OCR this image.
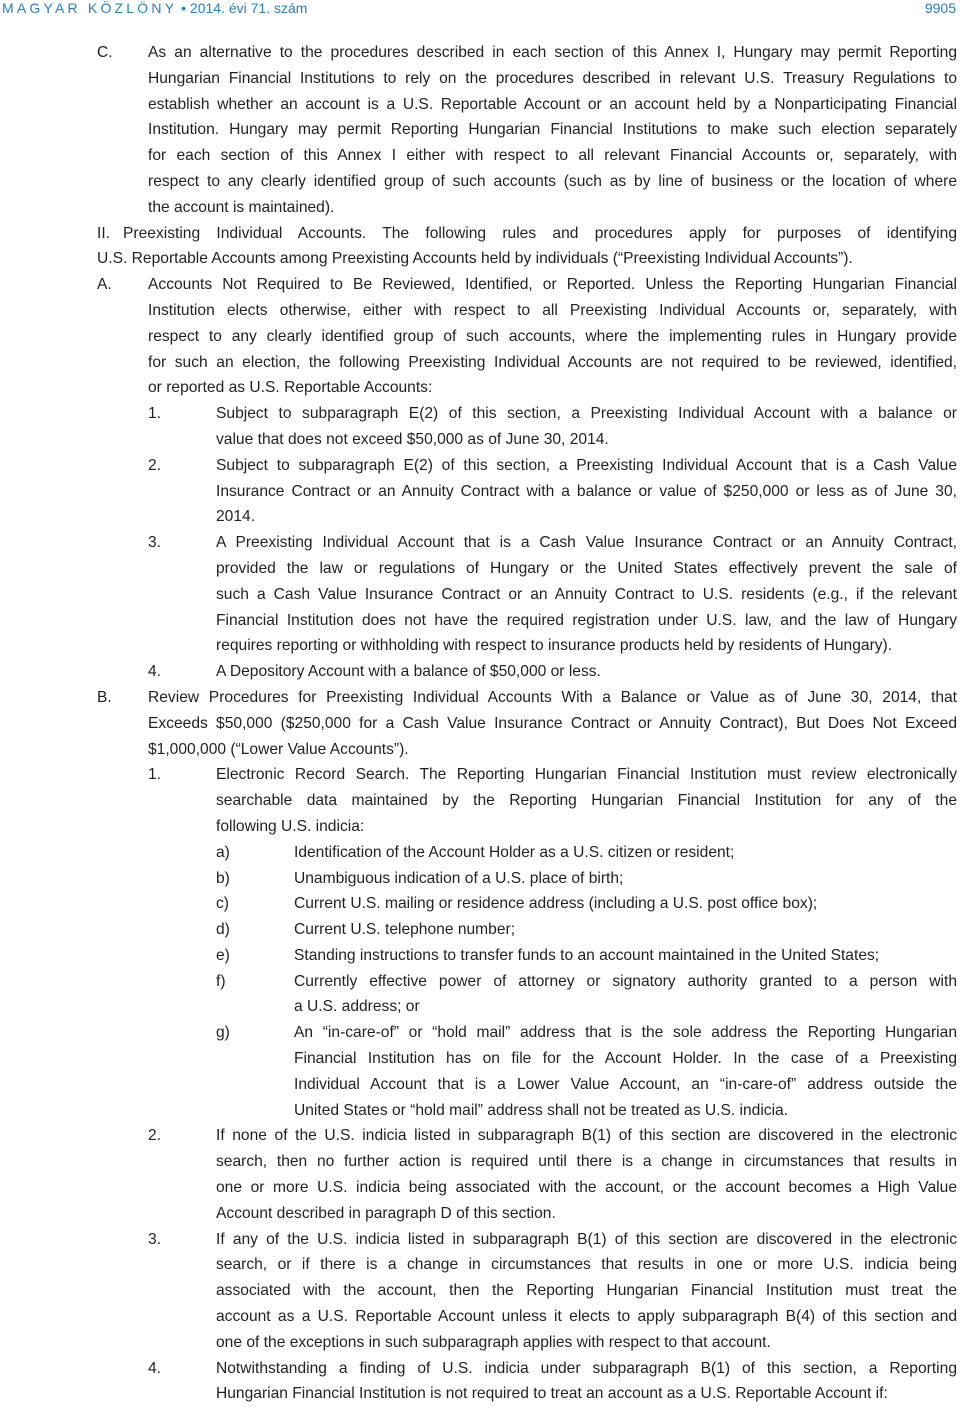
MAGYAR KÖZLÖNY • 2014. évi 71. szám	9905
C. As an alternative to the procedures described in each section of this Annex I, Hungary may permit Reporting
Hungarian Financial Institutions to rely on the procedures described in relevant U.S. Treasury Regulations to
establish whether an account is a U.S. Reportable Account or an account held by a Nonparticipating Financial
Institution. Hungary may permit Reporting Hungarian Financial Institutions to make such election separately
for each section of this Annex I either with respect to all relevant Financial Accounts or, separately, with
respect to any clearly identified group of such accounts (such as by line of business or the location of where
the account is maintained).
II. Preexisting Individual Accounts. The following rules and procedures apply for purposes of identifying
U.S. Reportable Accounts among Preexisting Accounts held by individuals (“Preexisting Individual Accounts”).
A. Accounts Not Required to Be Reviewed, Identified, or Reported. Unless the Reporting Hungarian Financial
Institution elects otherwise, either with respect to all Preexisting Individual Accounts or, separately, with
respect to any clearly identified group of such accounts, where the implementing rules in Hungary provide
for such an election, the following Preexisting Individual Accounts are not required to be reviewed, identified,
or reported as U.S. Reportable Accounts:
1.	Subject to subparagraph E(2) of this section, a Preexisting Individual Account with a balance or
value that does not exceed $50,000 as of June 30, 2014.
2.	Subject to subparagraph E(2) of this section, a Preexisting Individual Account that is a Cash Value
Insurance Contract or an Annuity Contract with a balance or value of $250,000 or less as of June 30,
2014.
3.	A Preexisting Individual Account that is a Cash Value Insurance Contract or an Annuity Contract,
provided the law or regulations of Hungary or the United States effectively prevent the sale of
such a Cash Value Insurance Contract or an Annuity Contract to U.S. residents (e.g., if the relevant
Financial Institution does not have the required registration under U.S. law, and the law of Hungary
requires reporting or withholding with respect to insurance products held by residents of Hungary).
4.	A Depository Account with a balance of $50,000 or less.
B. Review Procedures for Preexisting Individual Accounts With a Balance or Value as of June 30, 2014, that
Exceeds $50,000 ($250,000 for a Cash Value Insurance Contract or Annuity Contract), But Does Not Exceed
$1,000,000 (“Lower Value Accounts”).
1.	Electronic Record Search. The Reporting Hungarian Financial Institution must review electronically
searchable data maintained by the Reporting Hungarian Financial Institution for any of the
following U.S. indicia:
a)	Identification of the Account Holder as a U.S. citizen or resident;
b)	Unambiguous indication of a U.S. place of birth;
c)	Current U.S. mailing or residence address (including a U.S. post office box);
d)	Current U.S. telephone number;
e)	Standing instructions to transfer funds to an account maintained in the United States;
f)	Currently effective power of attorney or signatory authority granted to a person with
a U.S. address; or
g)	An “in-care-of” or “hold mail” address that is the sole address the Reporting Hungarian
Financial Institution has on file for the Account Holder. In the case of a Preexisting
Individual Account that is a Lower Value Account, an “in-care-of” address outside the
United States or “hold mail” address shall not be treated as U.S. indicia.
2.	If none of the U.S. indicia listed in subparagraph B(1) of this section are discovered in the electronic
search, then no further action is required until there is a change in circumstances that results in
one or more U.S. indicia being associated with the account, or the account becomes a High Value
Account described in paragraph D of this section.
3.	If any of the U.S. indicia listed in subparagraph B(1) of this section are discovered in the electronic
search, or if there is a change in circumstances that results in one or more U.S. indicia being
associated with the account, then the Reporting Hungarian Financial Institution must treat the
account as a U.S. Reportable Account unless it elects to apply subparagraph B(4) of this section and
one of the exceptions in such subparagraph applies with respect to that account.
4.	Notwithstanding a finding of U.S. indicia under subparagraph B(1) of this section, a Reporting
Hungarian Financial Institution is not required to treat an account as a U.S. Reportable Account if:
